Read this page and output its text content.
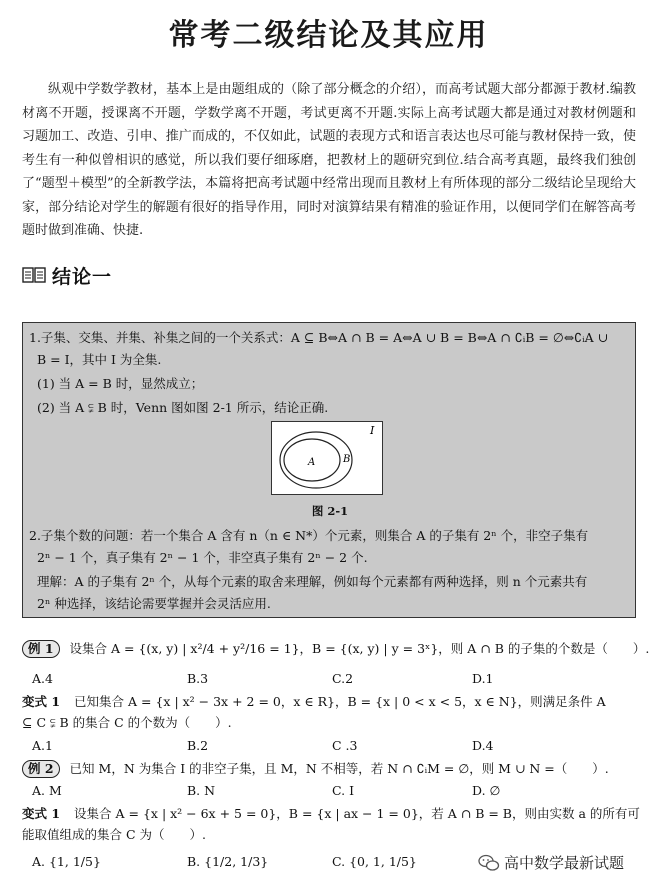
常考二级结论及其应用

纵观中学数学教材，基本上是由题组成的（除了部分概念的介绍），而高考试题大部分都源于教材.编教材离不开题，授课离不开题，学数学离不开题，考试更离不开题.实际上高考试题大都是通过对教材例题和习题加工、改造、引申、推广而成的，不仅如此，试题的表现方式和语言表达也尽可能与教材保持一致，使考生有一种似曾相识的感觉，所以我们要仔细琢磨，把教材上的题研究到位.结合高考真题，最终我们独创了“题型＋模型”的全新教学法，本篇将把高考试题中经常出现而且教材上有所体现的部分二级结论呈现给大家，部分结论对学生的解题有很好的指导作用，同时对演算结果有精准的验证作用，以便同学们在解答高考题时做到准确、快捷.

结论一
1.子集、交集、并集、补集之间的一个关系式：A ⊆ B⇔A ∩ B = A⇔A ∪ B = B⇔A ∩ ∁ᵢB = ∅⇔∁ᵢA ∪
B = I，其中 I 为全集.
(1) 当 A = B 时，显然成立；
(2) 当 A ⫋ B 时，Venn 图如图 2-1 所示，结论正确.
I
B
A
图 2-1
2.子集个数的问题：若一个集合 A 含有 n（n ∈ N*）个元素，则集合 A 的子集有 2ⁿ 个，非空子集有
2ⁿ − 1 个，真子集有 2ⁿ − 1 个，非空真子集有 2ⁿ − 2 个.
理解：A 的子集有 2ⁿ 个，从每个元素的取舍来理解，例如每个元素都有两种选择，则 n 个元素共有
2ⁿ 种选择，该结论需要掌握并会灵活应用.
例 1 设集合 A = {(x, y) | x²/4 + y²/16 = 1}，B = {(x, y) | y = 3ˣ}，则 A ∩ B 的子集的个数是（　　）.
A.4	B.3	C.2	D.1
变式 1 已知集合 A = {x | x² − 3x + 2 = 0，x ∈ R}，B = {x | 0 < x < 5，x ∈ N}，则满足条件 A
⊆ C ⫋ B 的集合 C 的个数为（　　）.
A.1	B.2	C .3	D.4
例 2 已知 M，N 为集合 I 的非空子集，且 M，N 不相等，若 N ∩ ∁ᵢM = ∅，则 M ∪ N =（　　）.
A. M	B. N	C. I	D. ∅
变式 1 设集合 A = {x | x² − 6x + 5 = 0}，B = {x | ax − 1 = 0}，若 A ∩ B = B，则由实数 a 的所有可
能取值组成的集合 C 为（　　）.
A. {1, 1/5}	B. {1/2, 1/3}	C. {0, 1, 1/5}	高中数学最新试题
